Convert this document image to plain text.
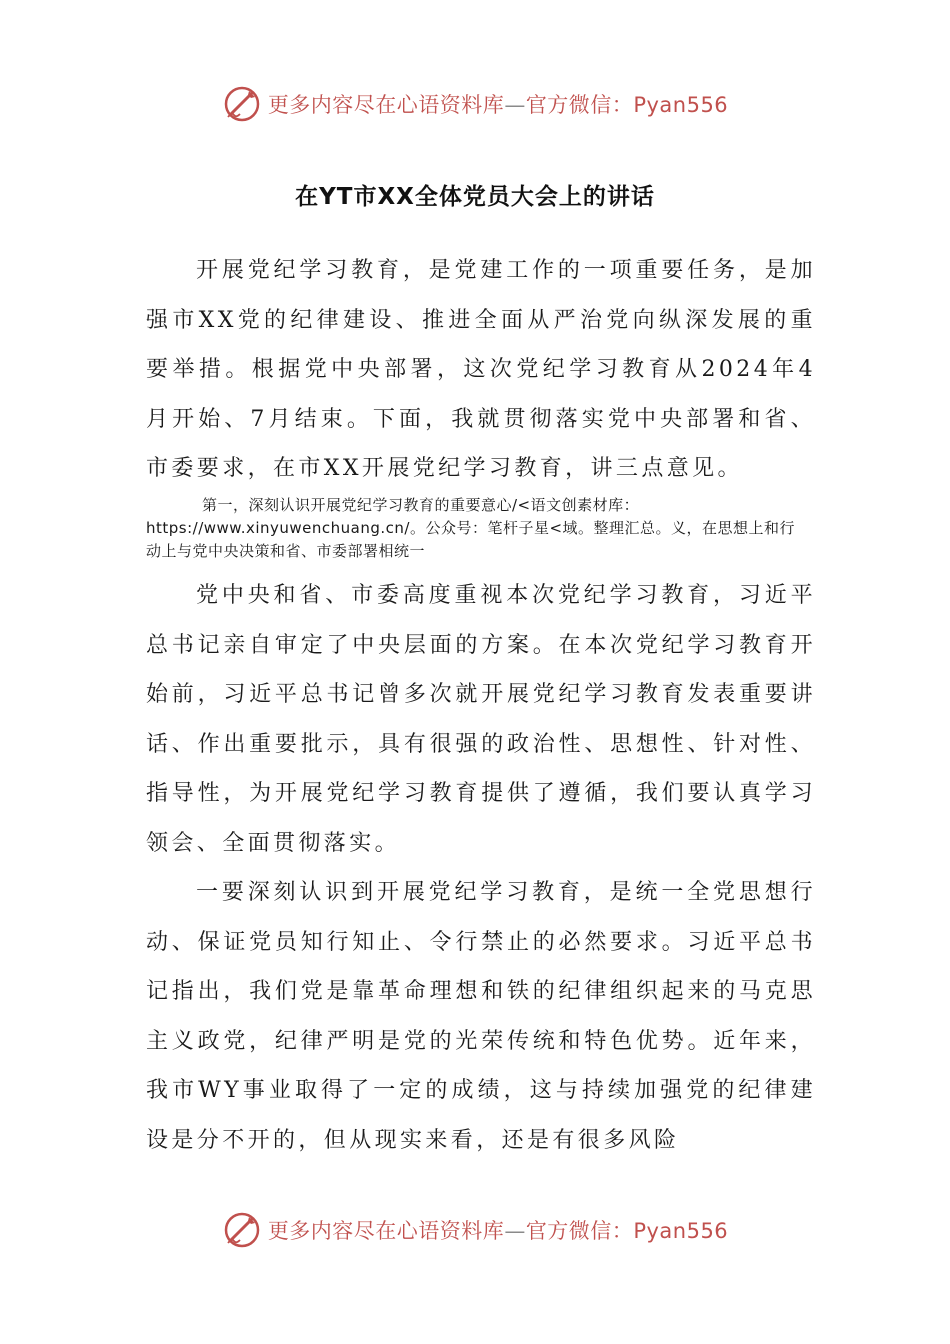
更多内容尽在心语资料库—官方微信：Pyan556
在YT市XX全体党员大会上的讲话

开展党纪学习教育，是党建工作的一项重要任务，是加强市XX党的纪律建设、推进全面从严治党向纵深发展的重要举措。根据党中央部署，这次党纪学习教育从2024年4月开始、7月结束。下面，我就贯彻落实党中央部署和省、市委要求，在市XX开展党纪学习教育，讲三点意见。

第一，深刻认识开展党纪学习教育的重要意心/<语文创素材库：https://www.xinyuwenchuang.cn/。公众号：笔杆子星<域。整理汇总。义，在思想上和行动上与党中央决策和省、市委部署相统一

党中央和省、市委高度重视本次党纪学习教育，习近平总书记亲自审定了中央层面的方案。在本次党纪学习教育开始前，习近平总书记曾多次就开展党纪学习教育发表重要讲话、作出重要批示，具有很强的政治性、思想性、针对性、指导性，为开展党纪学习教育提供了遵循，我们要认真学习领会、全面贯彻落实。

一要深刻认识到开展党纪学习教育，是统一全党思想行动、保证党员知行知止、令行禁止的必然要求。习近平总书记指出，我们党是靠革命理想和铁的纪律组织起来的马克思主义政党，纪律严明是党的光荣传统和特色优势。近年来，我市WY事业取得了一定的成绩，这与持续加强党的纪律建设是分不开的，但从现实来看，还是有很多风险

更多内容尽在心语资料库—官方微信：Pyan556
